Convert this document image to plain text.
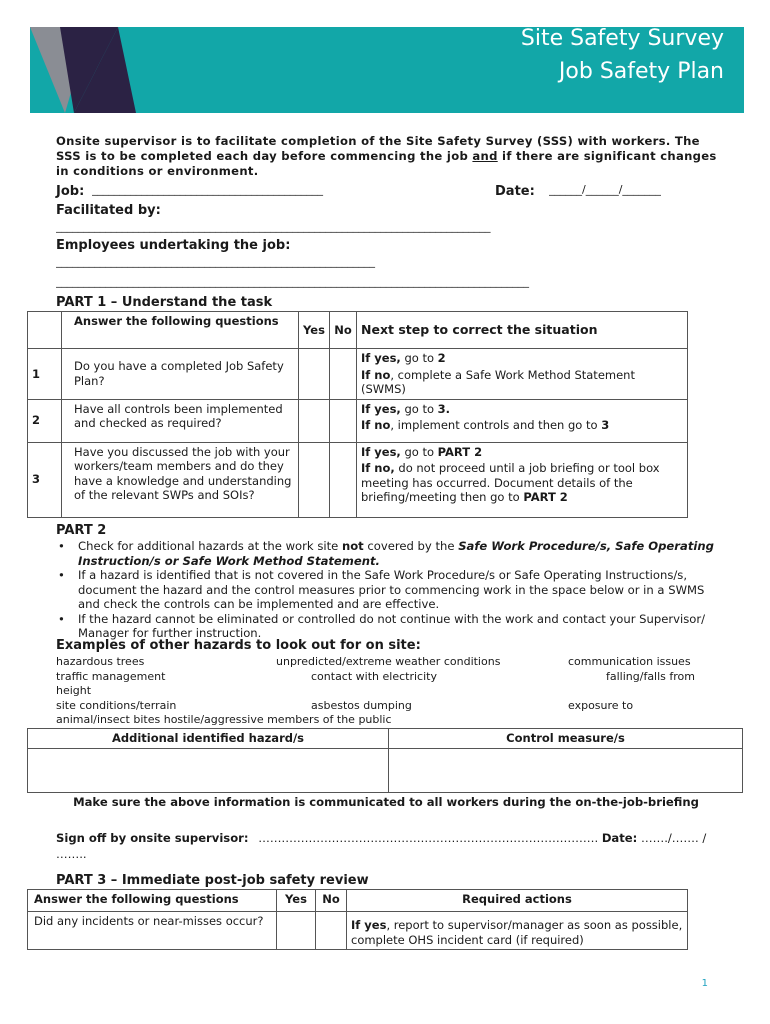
Site Safety Survey
Job Safety Plan
Onsite supervisor is to facilitate completion of the Site Safety Survey (SSS) with workers. The SSS is to be completed each day before commencing the job and if there are significant changes in conditions or environment.
Job: __________________________________________	Date: ______/______/_______
Facilitated by:
_______________________________________________________________________________
Employees undertaking the job:
__________________________________________________________
______________________________________________________________________________________
PART 1 – Understand the task
	Answer the following questions	Yes	No	Next step to correct the situation
1	Do you have a completed Job Safety Plan?			If yes, go to 2
If no, complete a Safe Work Method Statement (SWMS)

2	Have all controls been implemented and checked as required?			If yes, go to 3.
If no, implement controls and then go to 3

3	Have you discussed the job with your workers/team members and do they have a knowledge and understanding of the relevant SWPs and SOIs?			If yes, go to PART 2
If no, do not proceed until a job briefing or tool box meeting has occurred. Document details of the briefing/meeting then go to PART 2
PART 2
• Check for additional hazards at the work site not covered by the Safe Work Procedure/s, Safe Operating Instruction/s or Safe Work Method Statement.
• If a hazard is identified that is not covered in the Safe Work Procedure/s or Safe Operating Instructions/s, document the hazard and the control measures prior to commencing work in the space below or in a SWMS and check the controls can be implemented and are effective.
• If the hazard cannot be eliminated or controlled do not continue with the work and contact your Supervisor/ Manager for further instruction.
Examples of other hazards to look out for on site:
hazardous trees	unpredicted/extreme weather conditions	communication issues
traffic management	contact with electricity	falling/falls from
height
site conditions/terrain	asbestos dumping	exposure to
animal/insect bites hostile/aggressive members of the public
Additional identified hazard/s	Control measure/s

Make sure the above information is communicated to all workers during the on-the-job-briefing
Sign off by onsite supervisor: ……………………………………………………………………………. Date: ……./……. /
……..
PART 3 – Immediate post-job safety review
Answer the following questions	Yes	No	Required actions
Did any incidents or near-misses occur?			If yes, report to supervisor/manager as soon as possible, complete OHS incident card (if required)
1
